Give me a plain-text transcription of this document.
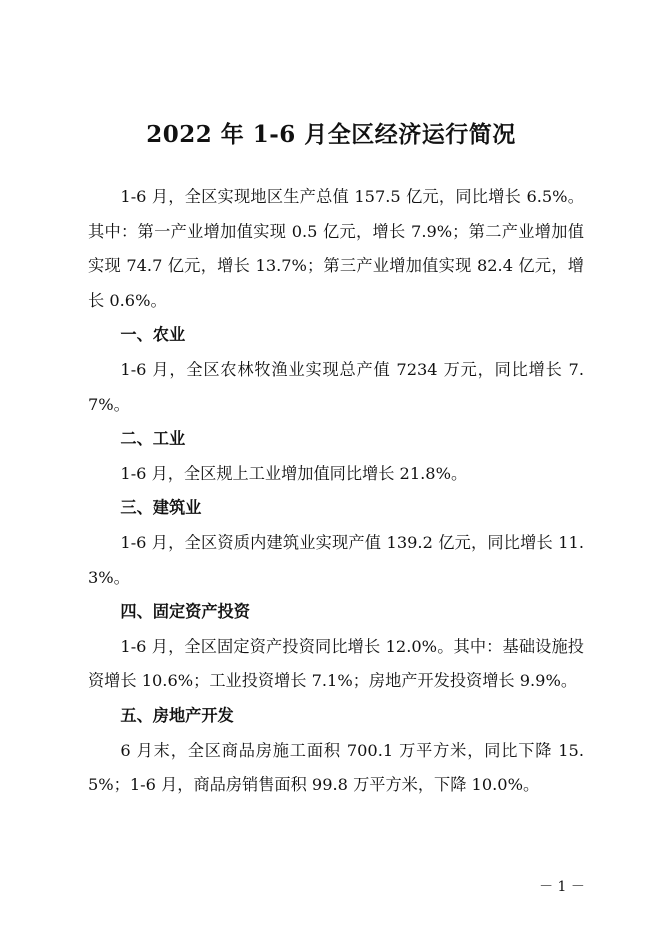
2022 年 1-6 月全区经济运行简况

1-6 月，全区实现地区生产总值 157.5 亿元，同比增长 6.5%。其中：第一产业增加值实现 0.5 亿元，增长 7.9%；第二产业增加值实现 74.7 亿元，增长 13.7%；第三产业增加值实现 82.4 亿元，增长 0.6%。

一、农业

1-6 月，全区农林牧渔业实现总产值 7234 万元，同比增长 7.7%。

二、工业

1-6 月，全区规上工业增加值同比增长 21.8%。

三、建筑业

1-6 月，全区资质内建筑业实现产值 139.2 亿元，同比增长 11.3%。

四、固定资产投资

1-6 月，全区固定资产投资同比增长 12.0%。其中：基础设施投资增长 10.6%；工业投资增长 7.1%；房地产开发投资增长 9.9%。

五、房地产开发

6 月末，全区商品房施工面积 700.1 万平方米，同比下降 15.5%；1-6 月，商品房销售面积 99.8 万平方米，下降 10.0%。

－ 1 －
